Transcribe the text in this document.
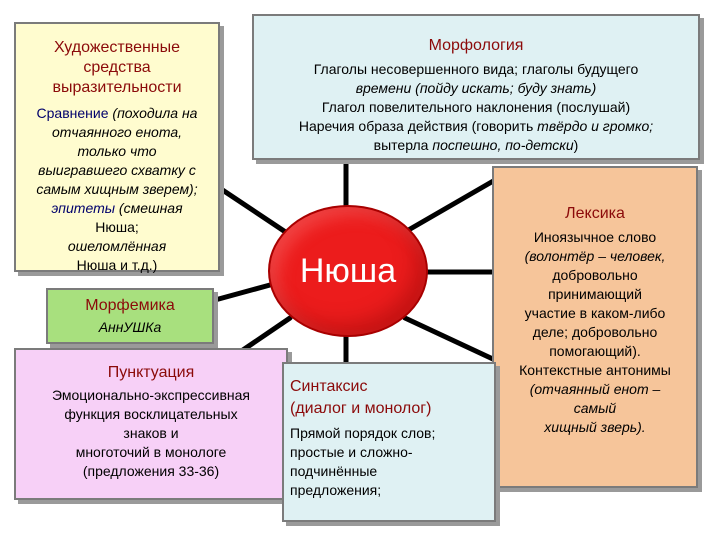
Художественные
средства
выразительности
Сравнение (походила на
отчаянного енота,
только что
выигравшего схватку с
самым хищным зверем);
эпитеты (смешная
Нюша;
ошеломлённая
Нюша и т.д.)
Морфология
Глаголы несовершенного вида; глаголы будущего
времени (пойду искать; буду знать)
Глагол повелительного наклонения (послушай)
Наречия образа действия (говорить твёрдо и громко;
вытерла поспешно, по-детски)
Лексика
Иноязычное слово
(волонтёр – человек,
добровольно
принимающий
участие в каком-либо
деле; добровольно
помогающий).
Контекстные антонимы
(отчаянный енот –
самый
хищный зверь).
Морфемика
АннУШКа
Пунктуация
Эмоционально-экспрессивная
функция восклицательных
знаков и
многоточий в монологе
(предложения 33-36)
Синтаксис
(диалог и монолог)
Прямой порядок слов;
простые и сложно-
подчинённые
предложения;
Нюша
